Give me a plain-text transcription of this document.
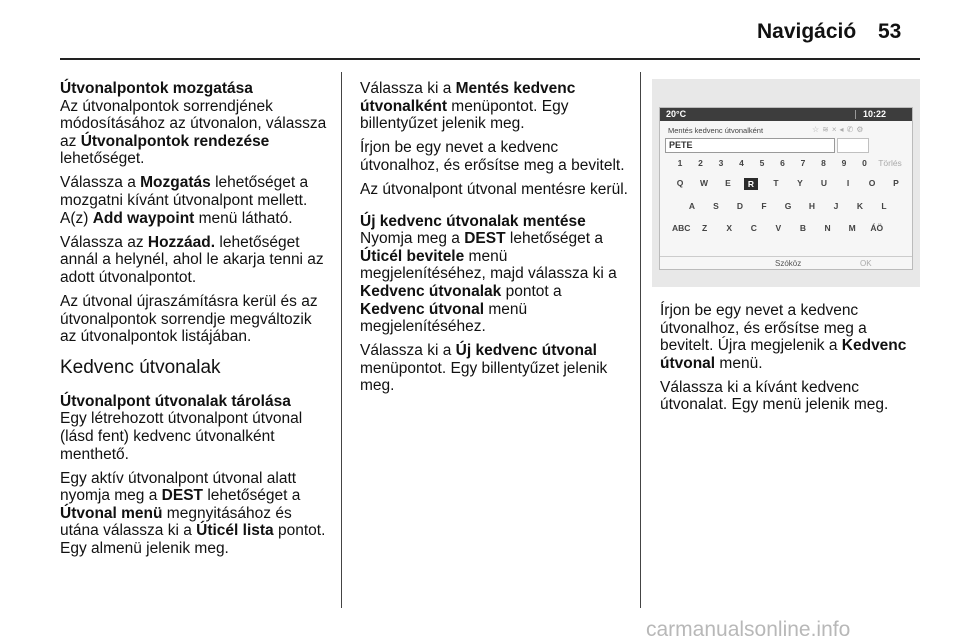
Navigáció 53
Útvonalpontok mozgatása

Az útvonalpontok sorrendjének módosításához az útvonalon, válassza az Útvonalpontok rendezése lehetőséget.

Válassza a Mozgatás lehetőséget a mozgatni kívánt útvonalpont mellett. A(z) Add waypoint menü látható.

Válassza az Hozzáad. lehetőséget annál a helynél, ahol le akarja tenni az adott útvonalpontot.

Az útvonal újraszámításra kerül és az útvonalpontok sorrendje megváltozik az útvonalpontok listájában.

Kedvenc útvonalak
Útvonalpont útvonalak tárolása

Egy létrehozott útvonalpont útvonal (lásd fent) kedvenc útvonalként menthető.

Egy aktív útvonalpont útvonal alatt nyomja meg a DEST lehetőséget a Útvonal menü megnyitásához és utána válassza ki a Úticél lista pontot. Egy almenü jelenik meg.

Válassza ki a Mentés kedvenc útvonalként menüpontot. Egy billentyűzet jelenik meg.

Írjon be egy nevet a kedvenc útvonalhoz, és erősítse meg a bevitelt.

Az útvonalpont útvonal mentésre kerül.

Új kedvenc útvonalak mentése

Nyomja meg a DEST lehetőséget a Úticél bevitele menü megjelenítéséhez, majd válassza ki a Kedvenc útvonalak pontot a Kedvenc útvonal menü megjelenítéséhez.

Válassza ki a Új kedvenc útvonal menüpontot. Egy billentyűzet jelenik meg.

20°C	10:22
Mentés kedvenc útvonalként	☆≋×◂✆⚙
PETE
1	2	3	4	5	6	7	8	9	0	Törlés
Q	W	E	R	T	Y	U	I	O	P
A	S	D	F	G	H	J	K	L
ABC	Z	X	C	V	B	N	M	ÁÖ
Szóköz	OK

Írjon be egy nevet a kedvenc útvonalhoz, és erősítse meg a bevitelt. Újra megjelenik a Kedvenc útvonal menü.

Válassza ki a kívánt kedvenc útvonalat. Egy menü jelenik meg.

carmanualsonline.info
